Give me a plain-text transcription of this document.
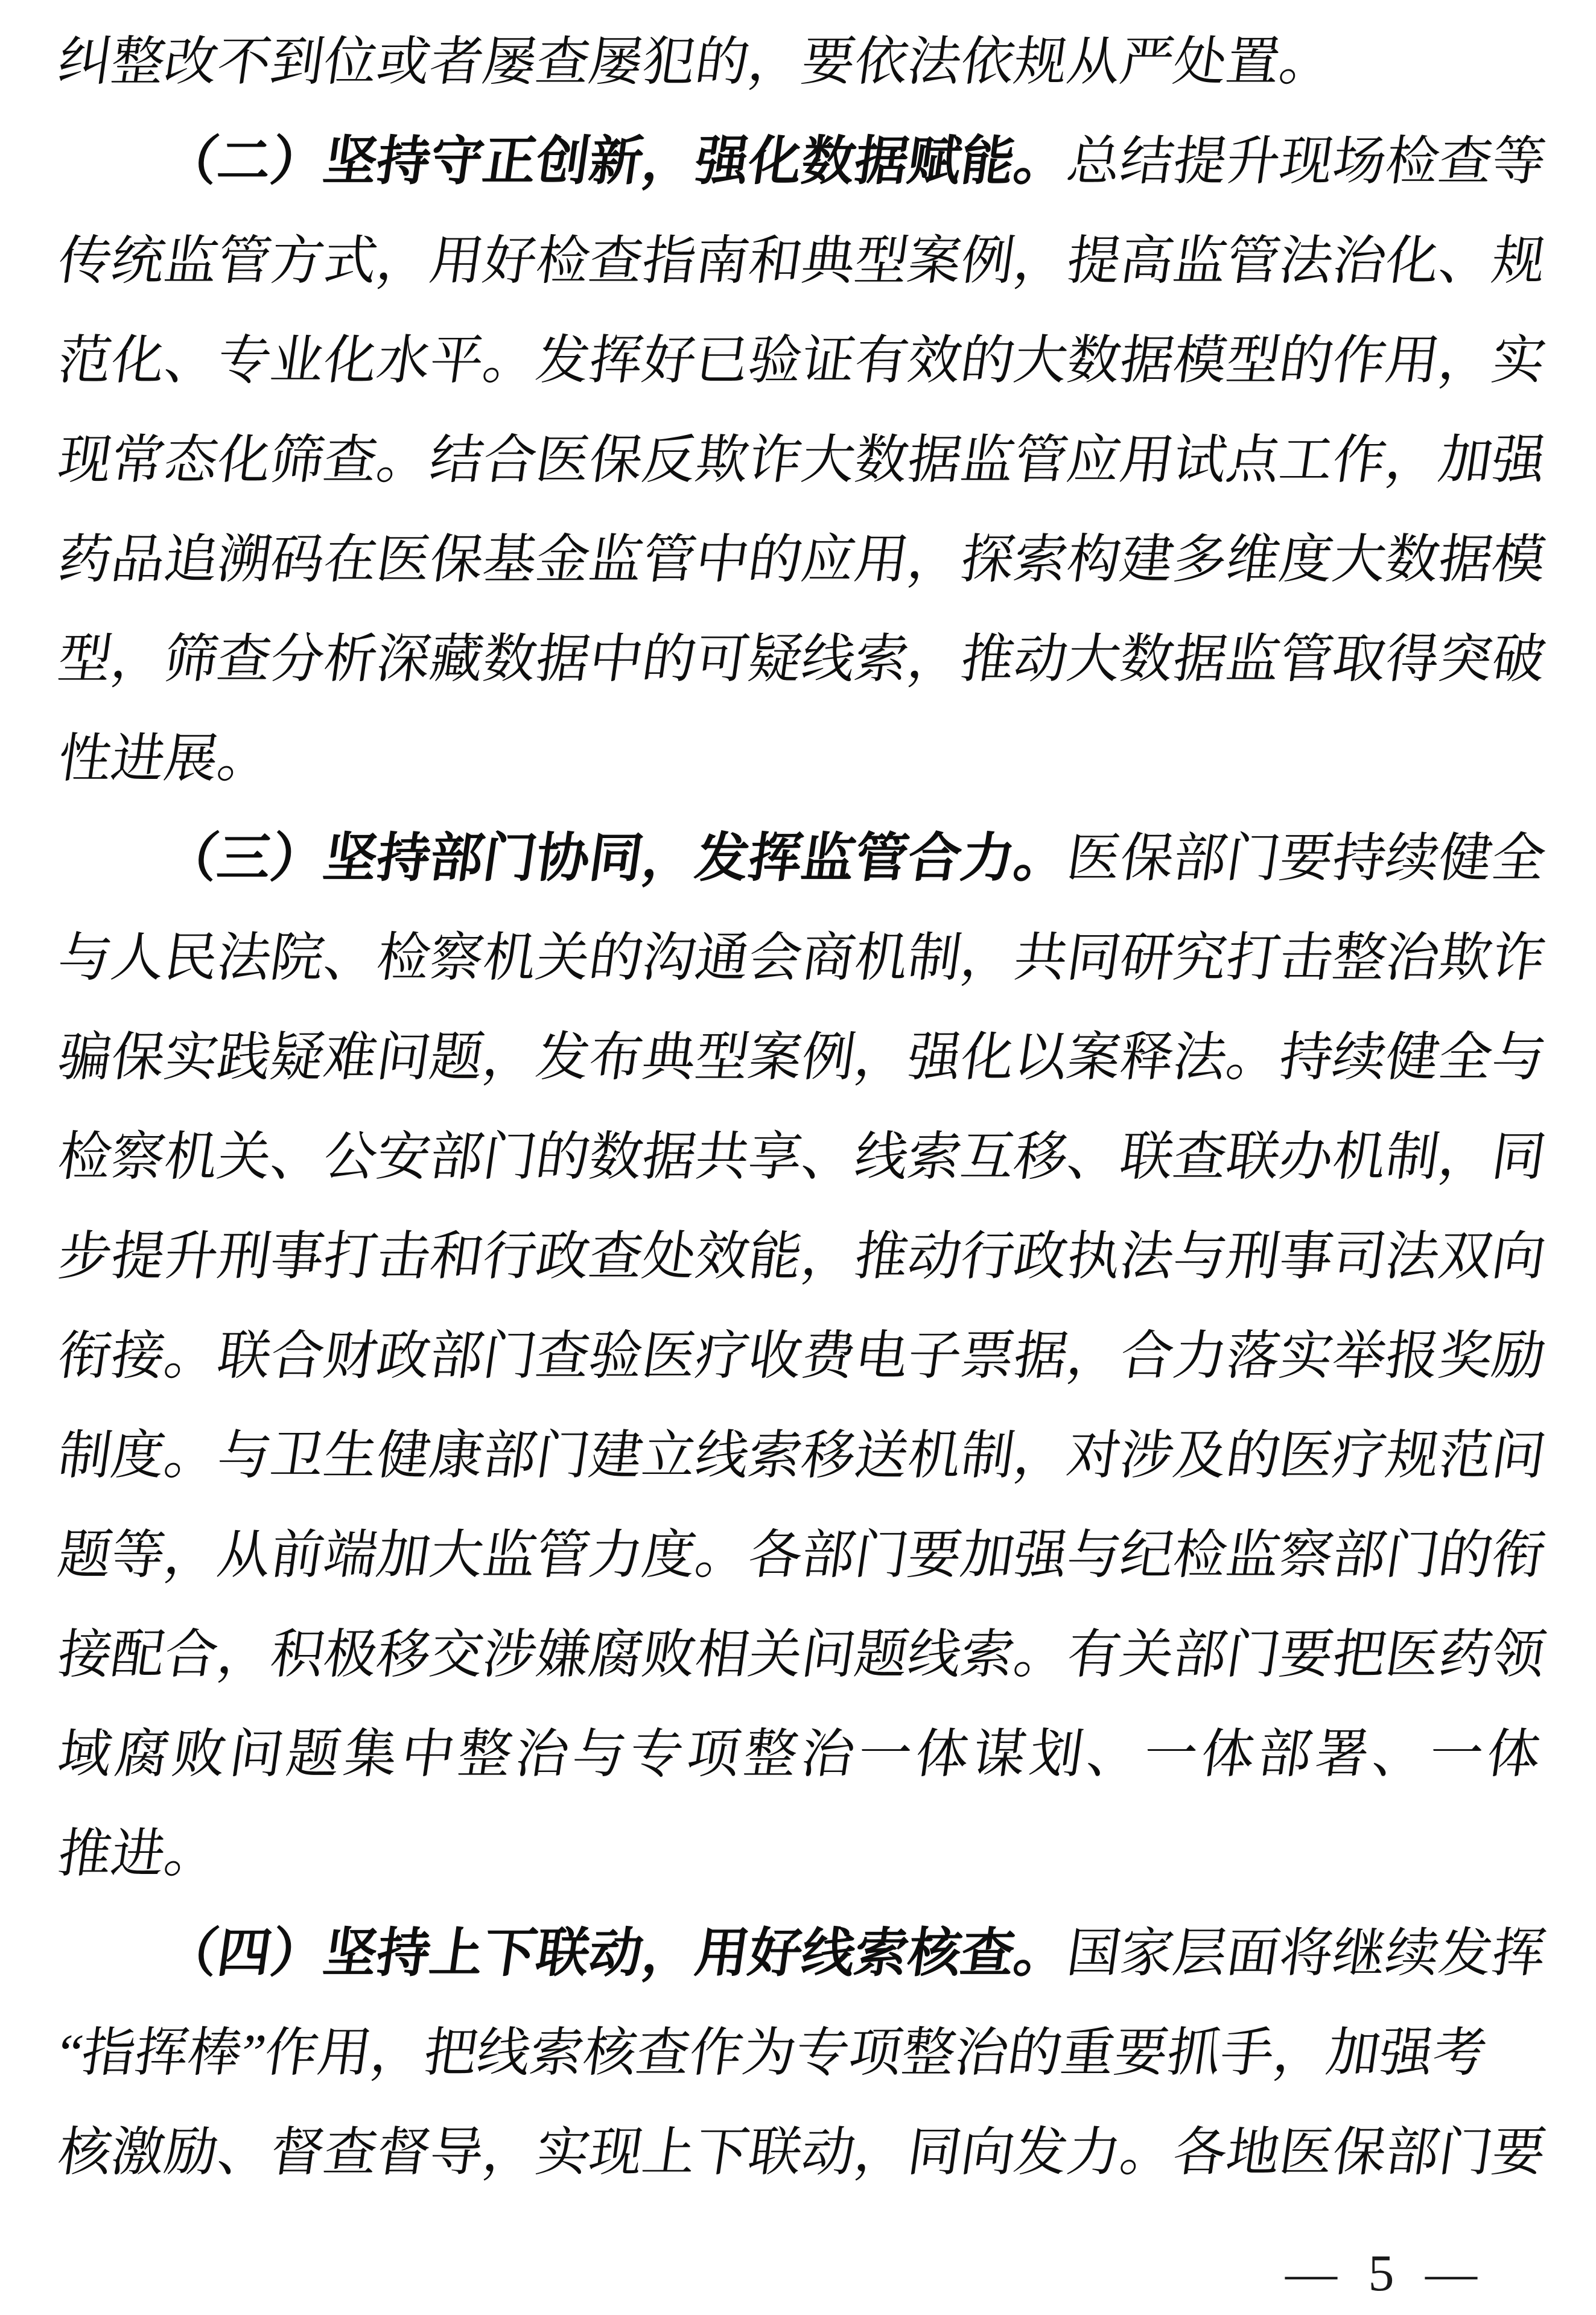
纠整改不到位或者屡查屡犯的，要依法依规从严处置。
（二）坚持守正创新，强化数据赋能。总结提升现场检查等
传统监管方式，用好检查指南和典型案例，提高监管法治化、规
范化、专业化水平。发挥好已验证有效的大数据模型的作用，实
现常态化筛查。结合医保反欺诈大数据监管应用试点工作，加强
药品追溯码在医保基金监管中的应用，探索构建多维度大数据模
型，筛查分析深藏数据中的可疑线索，推动大数据监管取得突破
性进展。
（三）坚持部门协同，发挥监管合力。医保部门要持续健全
与人民法院、检察机关的沟通会商机制，共同研究打击整治欺诈
骗保实践疑难问题，发布典型案例，强化以案释法。持续健全与
检察机关、公安部门的数据共享、线索互移、联查联办机制，同
步提升刑事打击和行政查处效能，推动行政执法与刑事司法双向
衔接。联合财政部门查验医疗收费电子票据，合力落实举报奖励
制度。与卫生健康部门建立线索移送机制，对涉及的医疗规范问
题等，从前端加大监管力度。各部门要加强与纪检监察部门的衔
接配合，积极移交涉嫌腐败相关问题线索。有关部门要把医药领
域腐败问题集中整治与专项整治一体谋划、一体部署、一体
推进。
（四）坚持上下联动，用好线索核查。国家层面将继续发挥
“指挥棒”作用，把线索核查作为专项整治的重要抓手，加强考
核激励、督查督导，实现上下联动，同向发力。各地医保部门要
— 5 —
